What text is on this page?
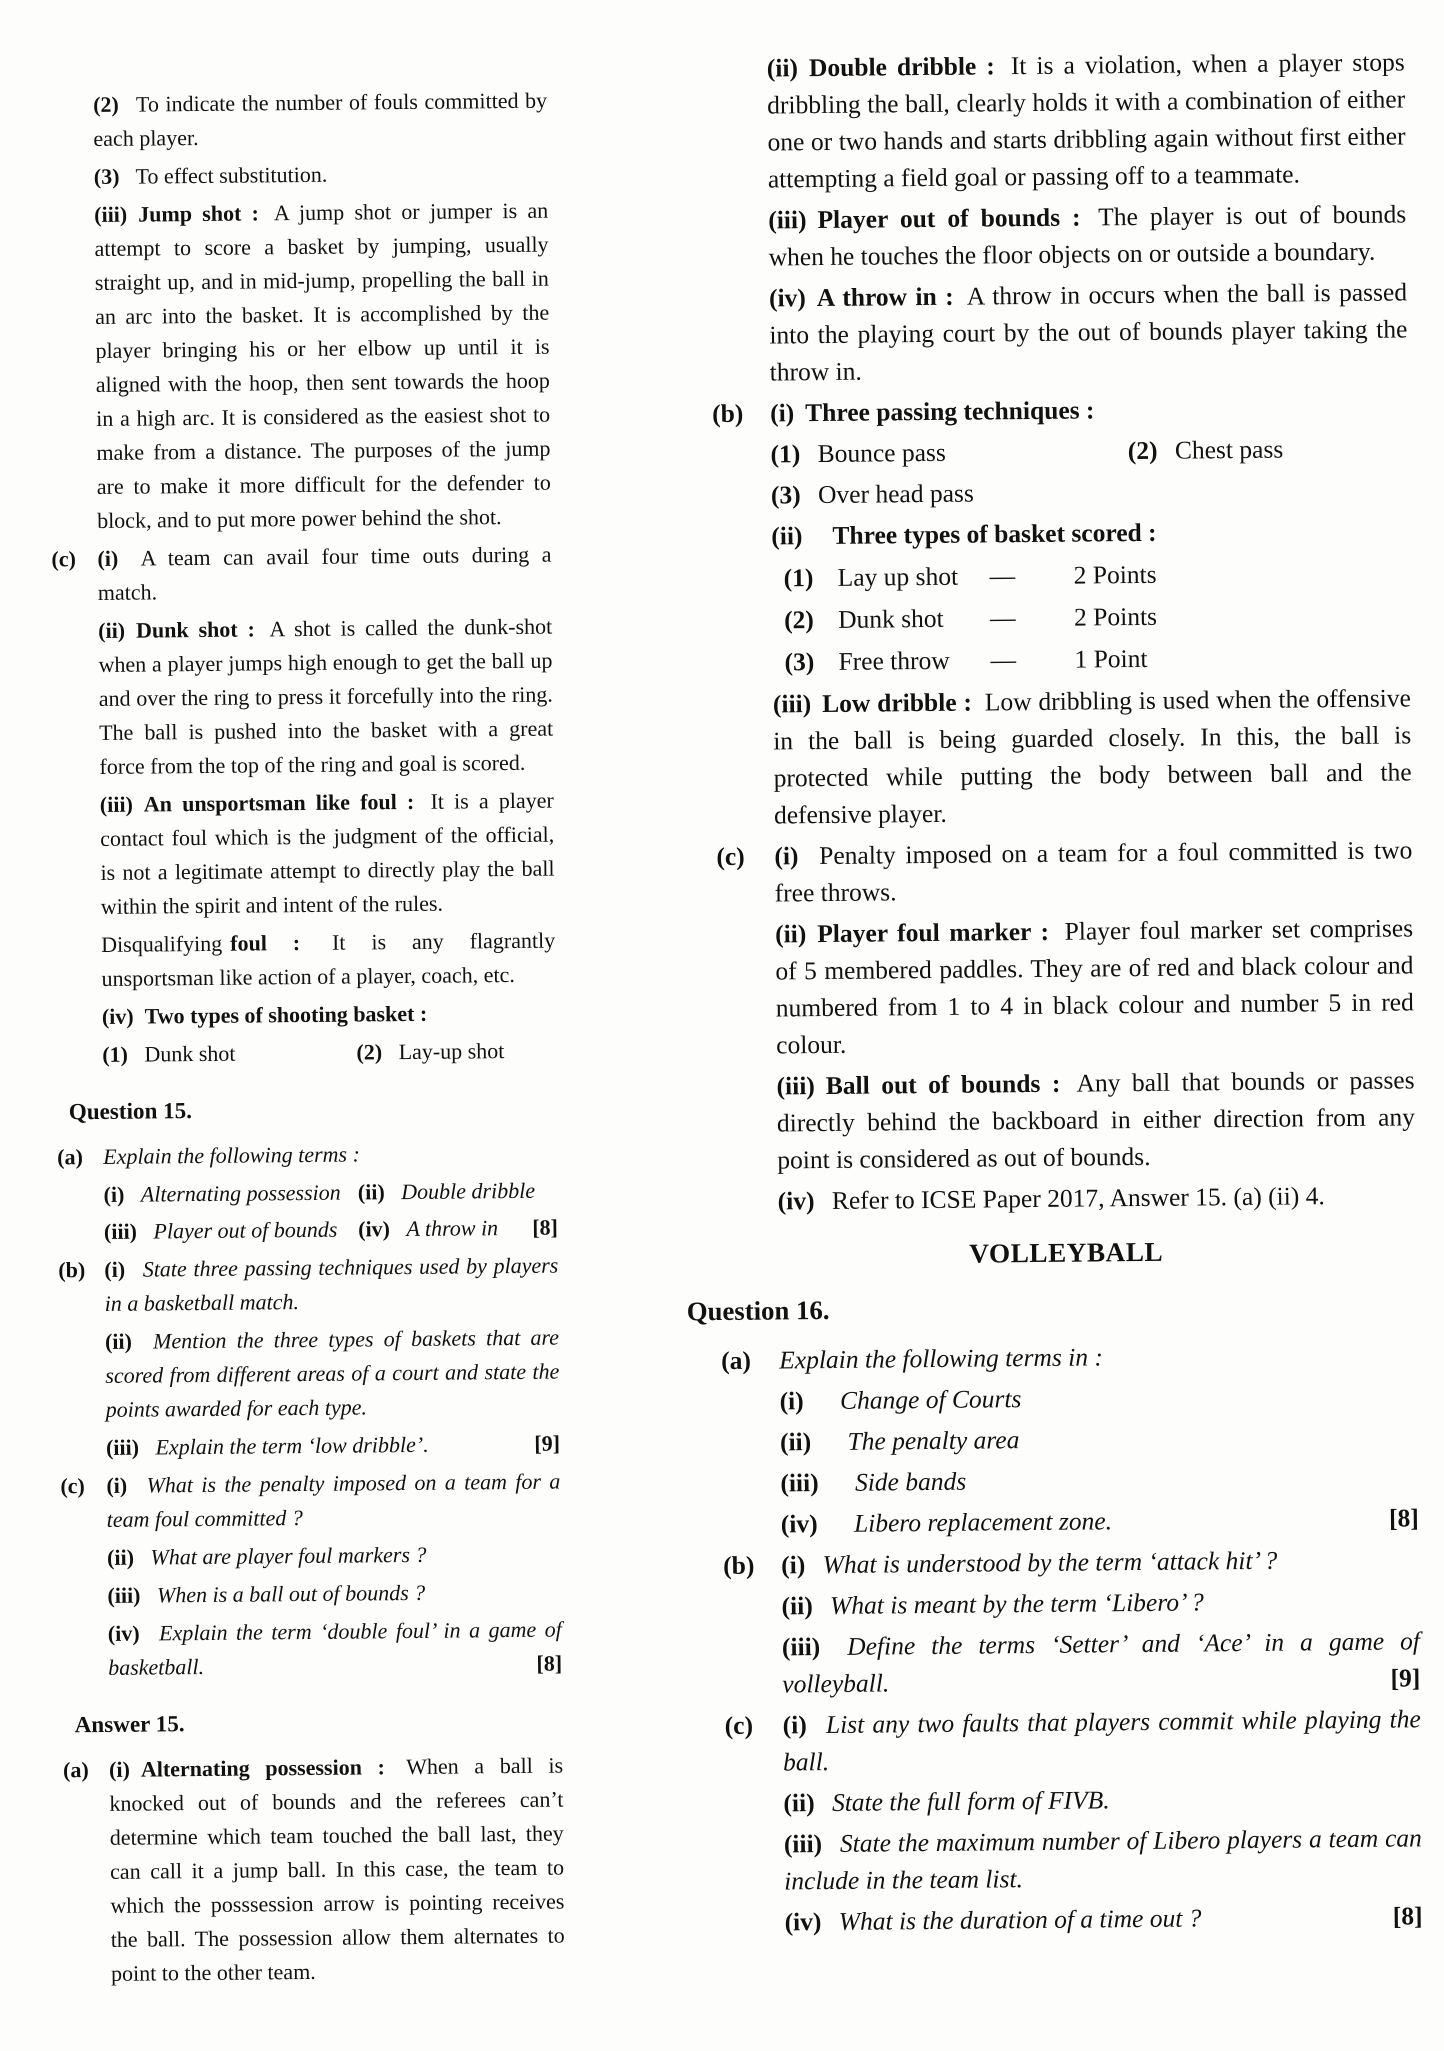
(2) To indicate the number of fouls committed by each player.

(3) To effect substitution.

(iii) Jump shot : A jump shot or jumper is an attempt to score a basket by jumping, usually straight up, and in mid-jump, propelling the ball in an arc into the basket. It is accomplished by the player bringing his or her elbow up until it is aligned with the hoop, then sent towards the hoop in a high arc. It is considered as the easiest shot to make from a distance. The purposes of the jump are to make it more difficult for the defender to block, and to put more power behind the shot.

(c) (i) A team can avail four time outs during a match.

(ii) Dunk shot : A shot is called the dunk-shot when a player jumps high enough to get the ball up and over the ring to press it forcefully into the ring. The ball is pushed into the basket with a great force from the top of the ring and goal is scored.

(iii) An unsportsman like foul : It is a player contact foul which is the judgment of the official, is not a legitimate attempt to directly play the ball within the spirit and intent of the rules.

Disqualifying foul : It is any flagrantly unsportsman like action of a player, coach, etc.

(iv) Two types of shooting basket :

(1) Dunk shot	(2) Lay-up shot

Question 15.

(a) Explain the following terms :

(i) Alternating possession (ii) Double dribble
(iii) Player out of bounds (iv) A throw in	[8]

(b) (i) State three passing techniques used by players in a basketball match.

(ii) Mention the three types of baskets that are scored from different areas of a court and state the points awarded for each type.

(iii) Explain the term ‘low dribble’.	[9]

(c) (i) What is the penalty imposed on a team for a team foul committed ?

(ii) What are player foul markers ?

(iii) When is a ball out of bounds ?

(iv) Explain the term ‘double foul’ in a game of basketball.	[8]

Answer 15.

(a) (i) Alternating possession : When a ball is knocked out of bounds and the referees can’t determine which team touched the ball last, they can call it a jump ball. In this case, the team to which the posssession arrow is pointing receives the ball. The possession allow them alternates to point to the other team.

(ii) Double dribble : It is a violation, when a player stops dribbling the ball, clearly holds it with a combination of either one or two hands and starts dribbling again without first either attempting a field goal or passing off to a teammate.

(iii) Player out of bounds : The player is out of bounds when he touches the floor objects on or outside a boundary.

(iv) A throw in : A throw in occurs when the ball is passed into the playing court by the out of bounds player taking the throw in.

(b) (i) Three passing techniques :

(1) Bounce pass	(2) Chest pass

(3) Over head pass

(ii) Three types of basket scored :

(1) Lay up shot	—	2 Points
(2) Dunk shot	—	2 Points
(3) Free throw	—	1 Point

(iii) Low dribble : Low dribbling is used when the offensive in the ball is being guarded closely. In this, the ball is protected while putting the body between ball and the defensive player.

(c) (i) Penalty imposed on a team for a foul committed is two free throws.

(ii) Player foul marker : Player foul marker set comprises of 5 membered paddles. They are of red and black colour and numbered from 1 to 4 in black colour and number 5 in red colour.

(iii) Ball out of bounds : Any ball that bounds or passes directly behind the backboard in either direction from any point is considered as out of bounds.

(iv) Refer to ICSE Paper 2017, Answer 15. (a) (ii) 4.

VOLLEYBALL

Question 16.

(a) Explain the following terms in :

(i) Change of Courts

(ii) The penalty area

(iii) Side bands

(iv) Libero replacement zone.	[8]

(b) (i) What is understood by the term ‘attack hit’ ?

(ii) What is meant by the term ‘Libero’ ?

(iii) Define the terms ‘Setter’ and ‘Ace’ in a game of volleyball.	[9]

(c) (i) List any two faults that players commit while playing the ball.

(ii) State the full form of FIVB.

(iii) State the maximum number of Libero players a team can include in the team list.

(iv) What is the duration of a time out ?	[8]
